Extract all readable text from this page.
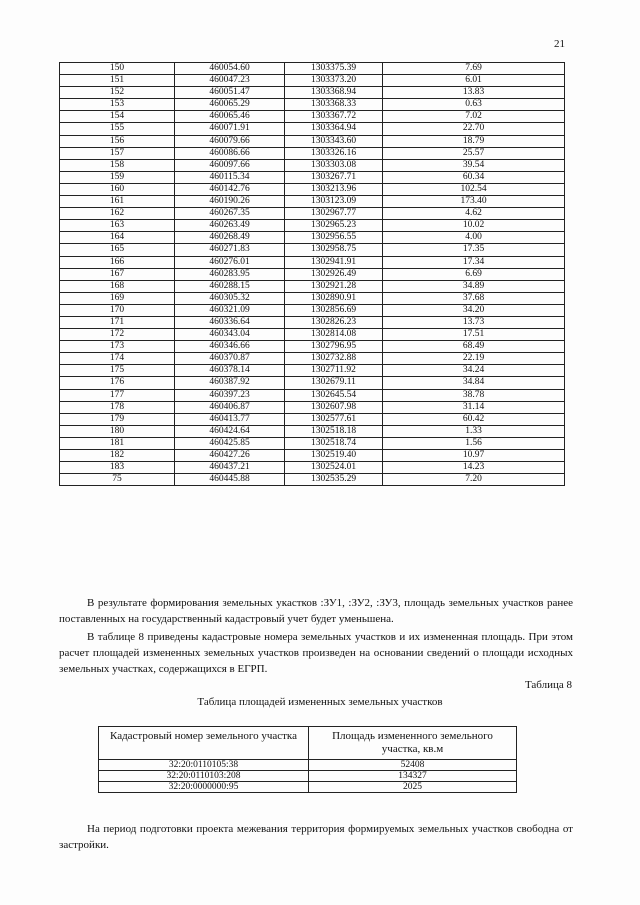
21
150	460054.60	1303375.39	7.69
151	460047.23	1303373.20	6.01
152	460051.47	1303368.94	13.83
153	460065.29	1303368.33	0.63
154	460065.46	1303367.72	7.02
155	460071.91	1303364.94	22.70
156	460079.66	1303343.60	18.79
157	460086.66	1303326.16	25.57
158	460097.66	1303303.08	39.54
159	460115.34	1303267.71	60.34
160	460142.76	1303213.96	102.54
161	460190.26	1303123.09	173.40
162	460267.35	1302967.77	4.62
163	460263.49	1302965.23	10.02
164	460268.49	1302956.55	4.00
165	460271.83	1302958.75	17.35
166	460276.01	1302941.91	17.34
167	460283.95	1302926.49	6.69
168	460288.15	1302921.28	34.89
169	460305.32	1302890.91	37.68
170	460321.09	1302856.69	34.20
171	460336.64	1302826.23	13.73
172	460343.04	1302814.08	17.51
173	460346.66	1302796.95	68.49
174	460370.87	1302732.88	22.19
175	460378.14	1302711.92	34.24
176	460387.92	1302679.11	34.84
177	460397.23	1302645.54	38.78
178	460406.87	1302607.98	31.14
179	460413.77	1302577.61	60.42
180	460424.64	1302518.18	1.33
181	460425.85	1302518.74	1.56
182	460427.26	1302519.40	10.97
183	460437.21	1302524.01	14.23
75	460445.88	1302535.29	7.20

В результате формирования земельных укастков :ЗУ1, :ЗУ2, :ЗУ3, площадь земельных участков ранее поставленных на государственный кадастровый учет будет уменьшена.

В таблице 8 приведены кадастровые номера земельных участков и их измененная площадь. При этом расчет площадей измененных земельных участков произведен на основании сведений о площади исходных земельных участках, содержащихся в ЕГРП.

Таблица 8
Таблица площадей измененных земельных участков
Кадастровый номер земельного участка	Площадь измененного земельного участка, кв.м
32:20:0110105:38	52408
32:20:0110103:208	134327
32:20:0000000:95	2025

На период подготовки проекта межевания территория формируемых земельных участков свободна от застройки.
